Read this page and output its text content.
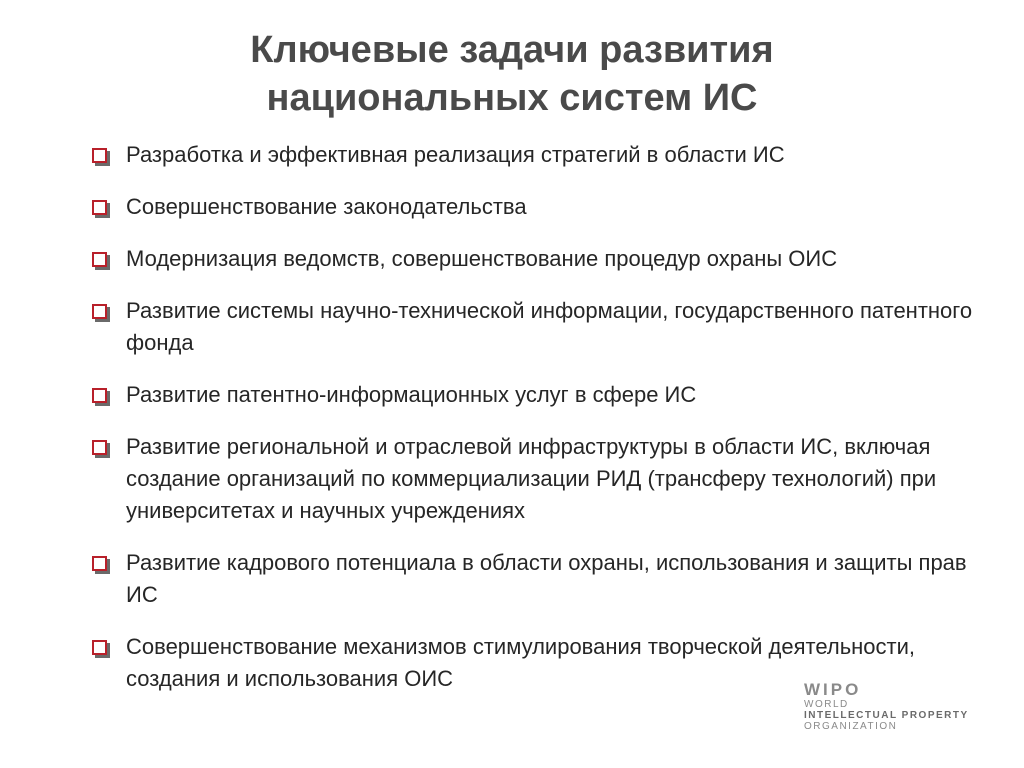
Ключевые задачи развития
национальных систем ИС
Разработка и эффективная реализация стратегий в области ИС
Совершенствование законодательства
Модернизация ведомств, совершенствование процедур охраны ОИС
Развитие системы научно-технической информации, государственного патентного фонда
Развитие патентно-информационных услуг в сфере ИС
Развитие региональной и отраслевой инфраструктуры в области ИС, включая создание организаций по коммерциализации РИД (трансферу технологий) при университетах и научных учреждениях
Развитие кадрового потенциала в области охраны, использования и защиты прав ИС
Совершенствование механизмов стимулирования творческой деятельности, создания и использования ОИС	WIPO
WORLD
INTELLECTUAL PROPERTY
ORGANIZATION
